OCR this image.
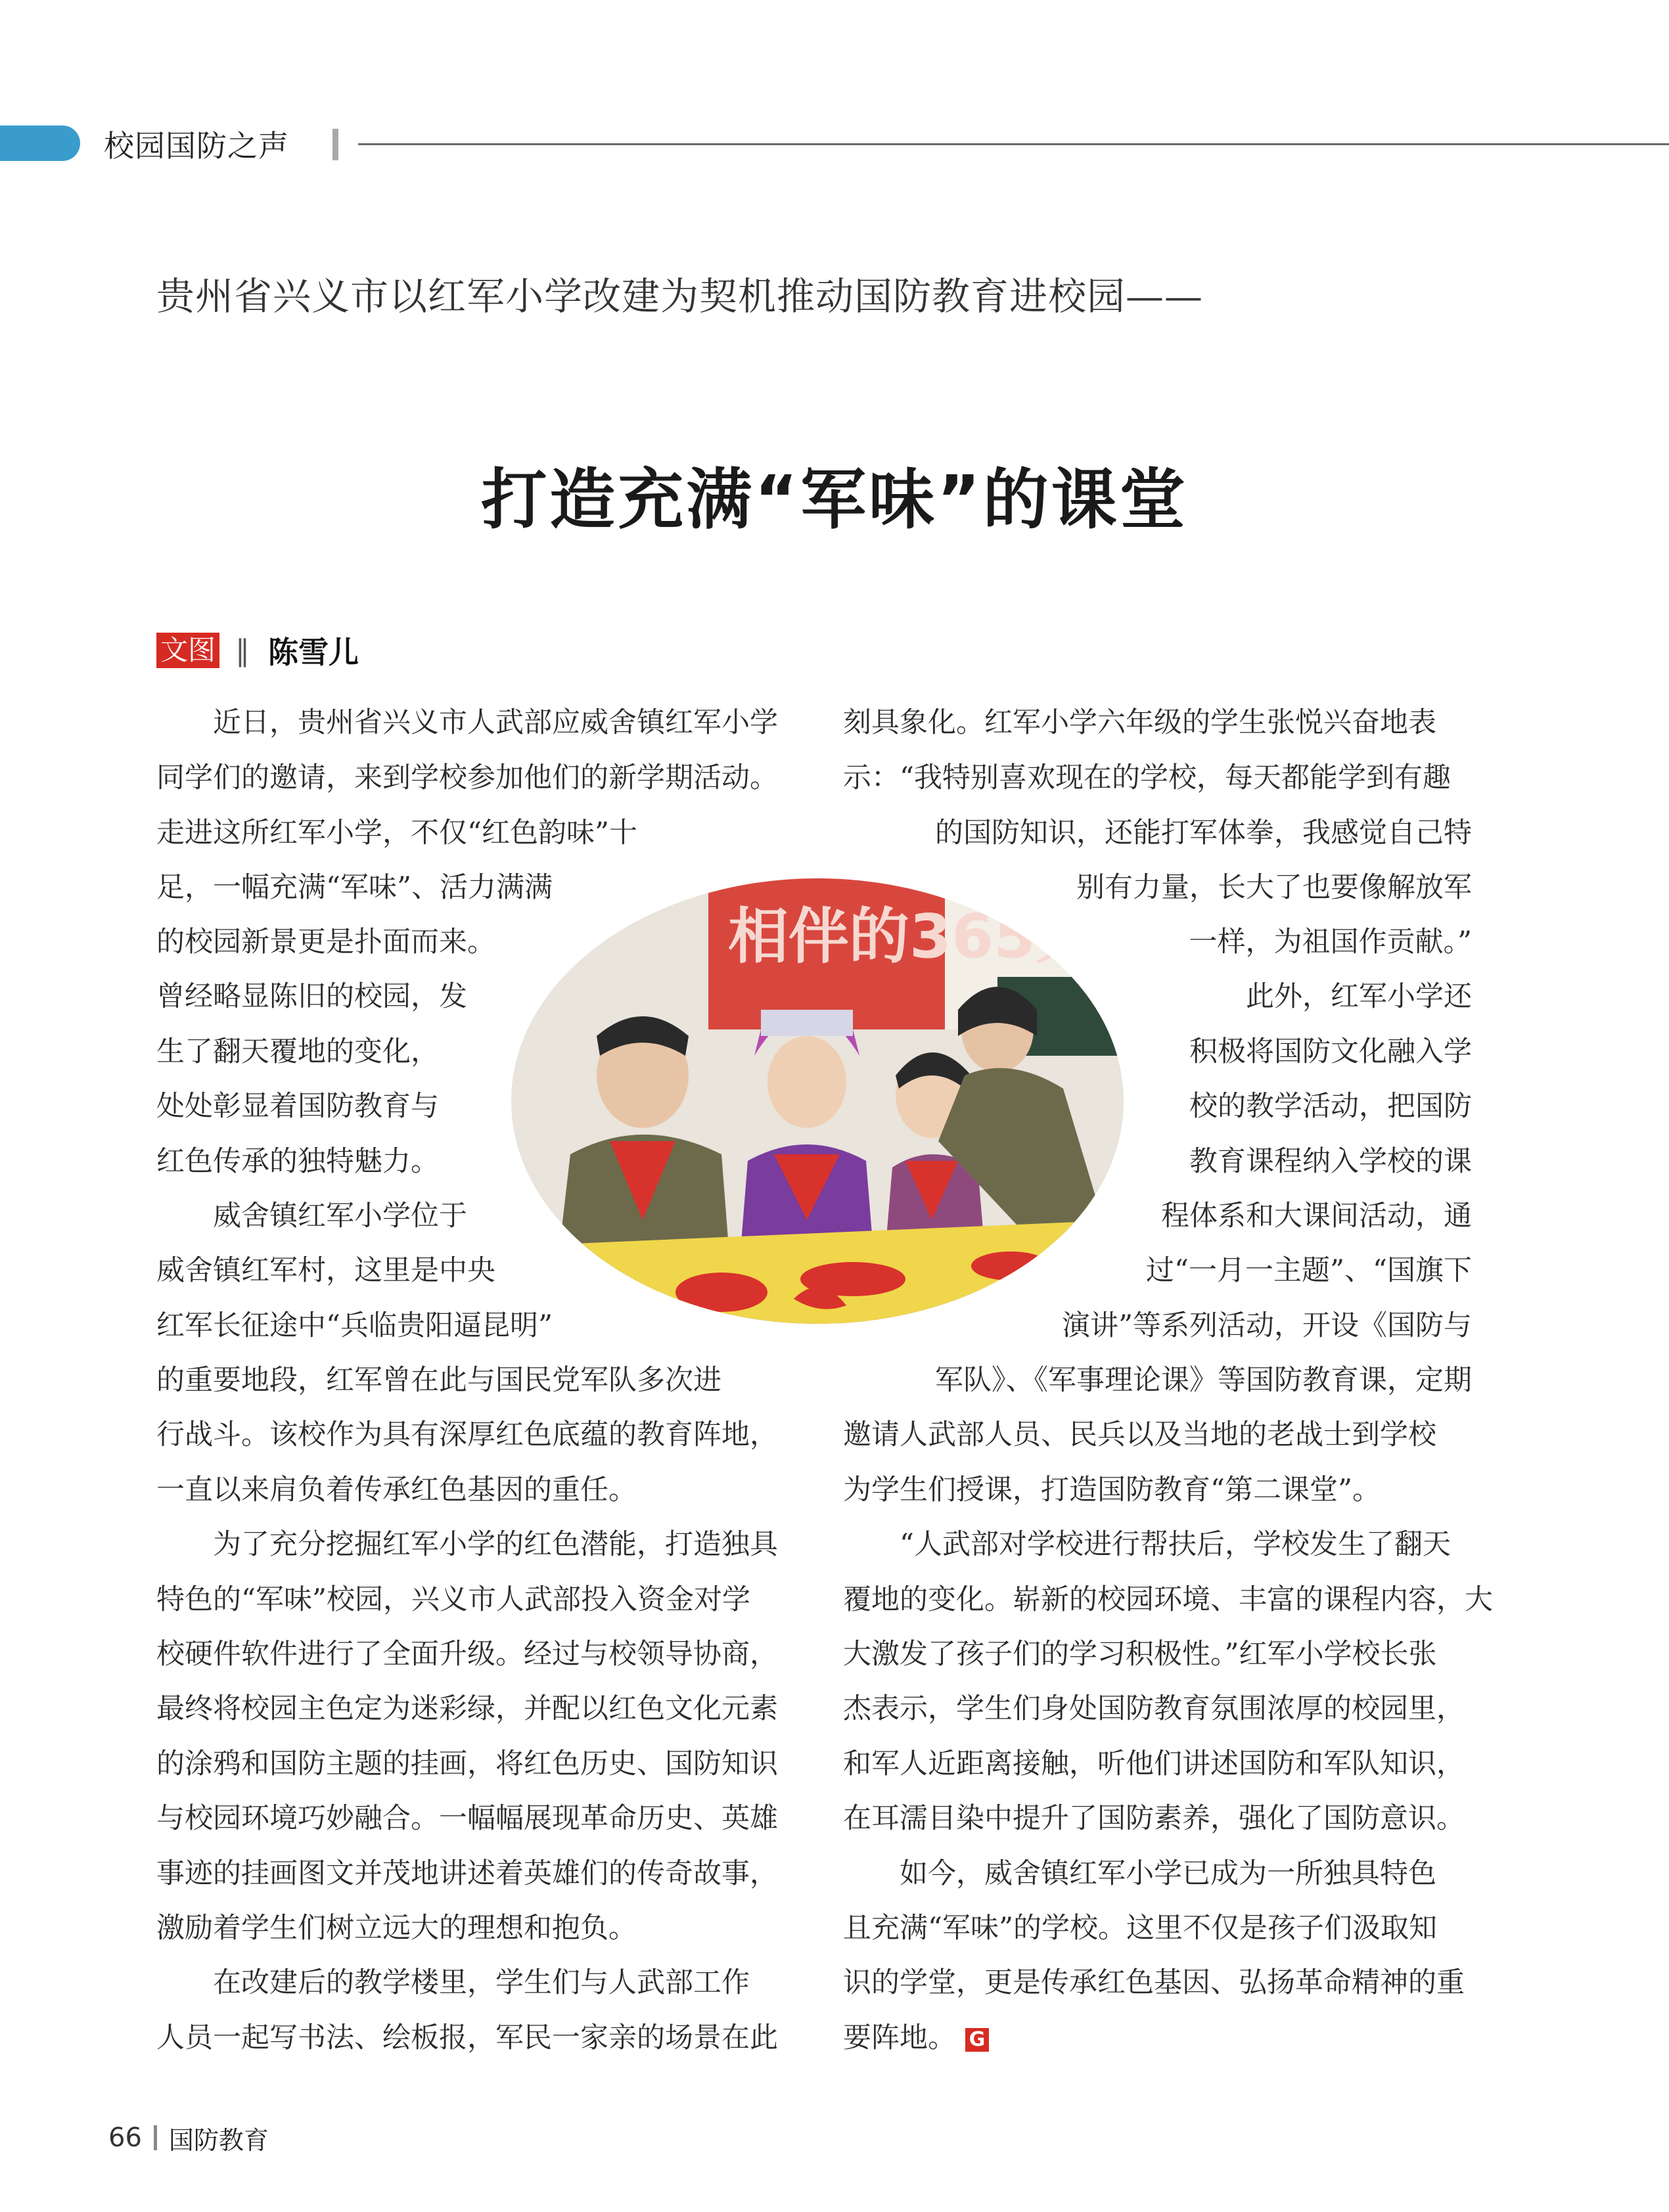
校园国防之声
贵州省兴义市以红军小学改建为契机推动国防教育进校园——
打造充满“军味”的课堂
文图 ‖ 陈雪儿
　　近日，贵州省兴义市人武部应威舍镇红军小学
同学们的邀请，来到学校参加他们的新学期活动。
走进这所红军小学，不仅“红色韵味”十
足，一幅充满“军味”、活力满满
的校园新景更是扑面而来。
曾经略显陈旧的校园，发
生了翻天覆地的变化，
处处彰显着国防教育与
红色传承的独特魅力。
　　威舍镇红军小学位于
威舍镇红军村，这里是中央
红军长征途中“兵临贵阳逼昆明”
的重要地段，红军曾在此与国民党军队多次进
行战斗。该校作为具有深厚红色底蕴的教育阵地，
一直以来肩负着传承红色基因的重任。
　　为了充分挖掘红军小学的红色潜能，打造独具
特色的“军味”校园，兴义市人武部投入资金对学
校硬件软件进行了全面升级。经过与校领导协商，
最终将校园主色定为迷彩绿，并配以红色文化元素
的涂鸦和国防主题的挂画，将红色历史、国防知识
与校园环境巧妙融合。一幅幅展现革命历史、英雄
事迹的挂画图文并茂地讲述着英雄们的传奇故事，
激励着学生们树立远大的理想和抱负。
　　在改建后的教学楼里，学生们与人武部工作
人员一起写书法、绘板报，军民一家亲的场景在此
刻具象化。红军小学六年级的学生张悦兴奋地表
示：“我特别喜欢现在的学校，每天都能学到有趣
的国防知识，还能打军体拳，我感觉自己特
别有力量，长大了也要像解放军
一样，为祖国作贡献。”
此外，红军小学还
积极将国防文化融入学
校的教学活动，把国防
教育课程纳入学校的课
程体系和大课间活动，通
过“一月一主题”、“国旗下
演讲”等系列活动，开设《国防与
军队》、《军事理论课》等国防教育课，定期
邀请人武部人员、民兵以及当地的老战士到学校
为学生们授课，打造国防教育“第二课堂”。
　　“人武部对学校进行帮扶后，学校发生了翻天
覆地的变化。崭新的校园环境、丰富的课程内容，大
大激发了孩子们的学习积极性。”红军小学校长张
杰表示，学生们身处国防教育氛围浓厚的校园里，
和军人近距离接触，听他们讲述国防和军队知识，
在耳濡目染中提升了国防素养，强化了国防意识。
　　如今，威舍镇红军小学已成为一所独具特色
且充满“军味”的学校。这里不仅是孩子们汲取知
识的学堂，更是传承红色基因、弘扬革命精神的重
要阵地。 G
相伴的365天
66 国防教育
